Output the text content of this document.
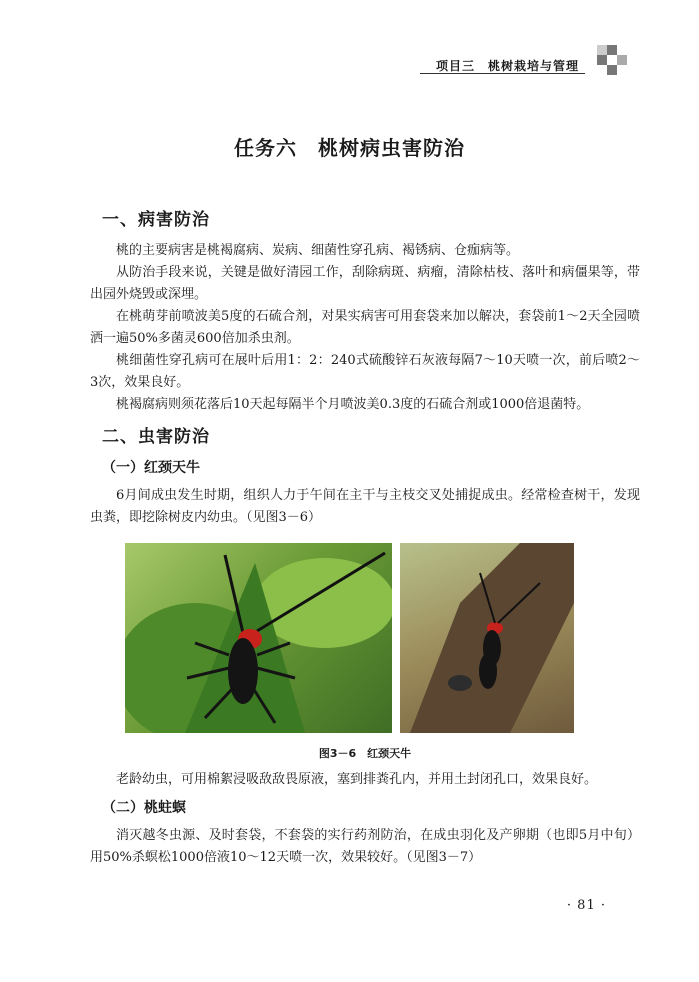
项目三　桃树栽培与管理
任务六　桃树病虫害防治
一、病害防治

桃的主要病害是桃褐腐病、炭病、细菌性穿孔病、褐锈病、仓痂病等。

从防治手段来说，关键是做好清园工作，刮除病斑、病瘤，清除枯枝、落叶和病僵果等，带出园外烧毁或深埋。

在桃萌芽前喷波美5度的石硫合剂，对果实病害可用套袋来加以解决，套袋前1～2天全园喷洒一遍50%多菌灵600倍加杀虫剂。

桃细菌性穿孔病可在展叶后用1：2：240式硫酸锌石灰液每隔7～10天喷一次，前后喷2～3次，效果良好。

桃褐腐病则须花落后10天起每隔半个月喷波美0.3度的石硫合剂或1000倍退菌特。

二、虫害防治
（一）红颈天牛

6月间成虫发生时期，组织人力于午间在主干与主枝交叉处捕捉成虫。经常检查树干，发现虫粪，即挖除树皮内幼虫。（见图3－6）

图3－6　红颈天牛

老龄幼虫，可用棉絮浸吸敌敌畏原液，塞到排粪孔内，并用土封闭孔口，效果良好。

（二）桃蛀螟

消灭越冬虫源、及时套袋，不套袋的实行药剂防治，在成虫羽化及产卵期（也即5月中旬）用50%杀螟松1000倍液10～12天喷一次，效果较好。（见图3－7）

· 81 ·
